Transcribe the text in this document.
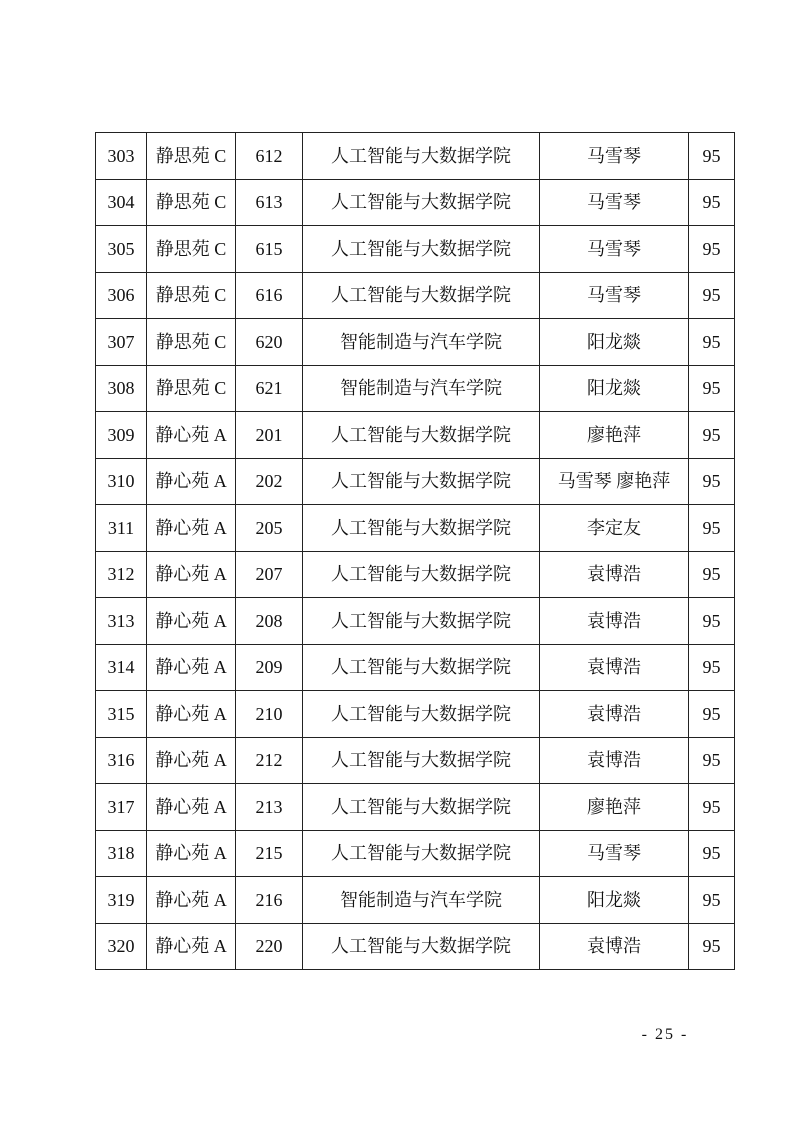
303	静思苑 C	612	人工智能与大数据学院	马雪琴	95
304	静思苑 C	613	人工智能与大数据学院	马雪琴	95
305	静思苑 C	615	人工智能与大数据学院	马雪琴	95
306	静思苑 C	616	人工智能与大数据学院	马雪琴	95
307	静思苑 C	620	智能制造与汽车学院	阳龙燚	95
308	静思苑 C	621	智能制造与汽车学院	阳龙燚	95
309	静心苑 A	201	人工智能与大数据学院	廖艳萍	95
310	静心苑 A	202	人工智能与大数据学院	马雪琴 廖艳萍	95
311	静心苑 A	205	人工智能与大数据学院	李定友	95
312	静心苑 A	207	人工智能与大数据学院	袁博浩	95
313	静心苑 A	208	人工智能与大数据学院	袁博浩	95
314	静心苑 A	209	人工智能与大数据学院	袁博浩	95
315	静心苑 A	210	人工智能与大数据学院	袁博浩	95
316	静心苑 A	212	人工智能与大数据学院	袁博浩	95
317	静心苑 A	213	人工智能与大数据学院	廖艳萍	95
318	静心苑 A	215	人工智能与大数据学院	马雪琴	95
319	静心苑 A	216	智能制造与汽车学院	阳龙燚	95
320	静心苑 A	220	人工智能与大数据学院	袁博浩	95
- 25 -
